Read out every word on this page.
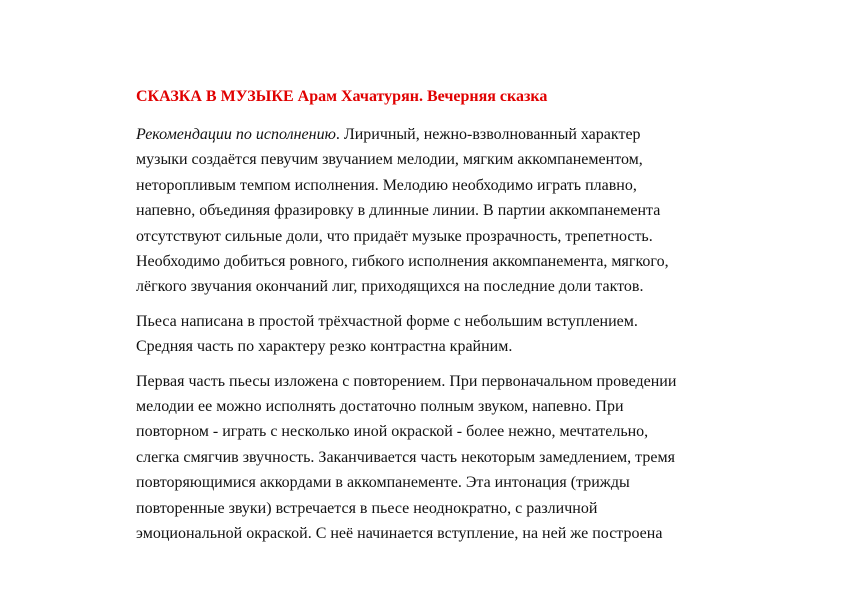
СКАЗКА В МУЗЫКЕ Арам Хачатурян. Вечерняя сказка
Рекомендации по исполнению. Лиричный, нежно-взволнованный характер
музыки создаётся певучим звучанием мелодии, мягким аккомпанементом,
неторопливым темпом исполнения. Мелодию необходимо играть плавно,
напевно, объединяя фразировку в длинные линии. В партии аккомпанемента
отсутствуют сильные доли, что придаёт музыке прозрачность, трепетность.
Необходимо добиться ровного, гибкого исполнения аккомпанемента, мягкого,
лёгкого звучания окончаний лиг, приходящихся на последние доли тактов.
Пьеса написана в простой трёхчастной форме с небольшим вступлением.
Средняя часть по характеру резко контрастна крайним.
Первая часть пьесы изложена с повторением. При первоначальном проведении
мелодии ее можно исполнять достаточно полным звуком, напевно. При
повторном - играть с несколько иной окраской - более нежно, мечтательно,
слегка смягчив звучность. Заканчивается часть некоторым замедлением, тремя
повторяющимися аккордами в аккомпанементе. Эта интонация (трижды
повторенные звуки) встречается в пьесе неоднократно, с различной
эмоциональной окраской. С неё начинается вступление, на ней же построена
